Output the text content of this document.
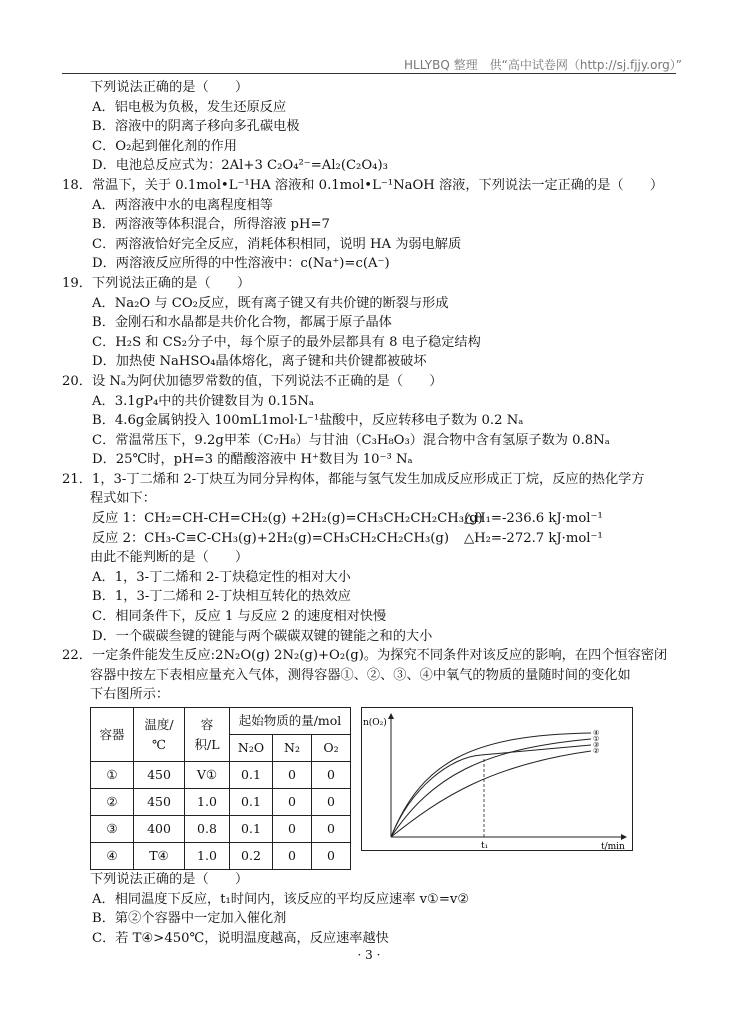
HLLYBQ 整理　供“高中试卷网（http://sj.fjjy.org）”
下列说法正确的是（　　）
A．铝电极为负极，发生还原反应
B．溶液中的阴离子移向多孔碳电极
C．O₂起到催化剂的作用
D．电池总反应式为：2Al+3 C₂O₄²⁻=Al₂(C₂O₄)₃
18．常温下，关于 0.1mol•L⁻¹HA 溶液和 0.1mol•L⁻¹NaOH 溶液，下列说法一定正确的是（　　）
A．两溶液中水的电离程度相等
B．两溶液等体积混合，所得溶液 pH=7
C．两溶液恰好完全反应，消耗体积相同，说明 HA 为弱电解质
D．两溶液反应所得的中性溶液中：c(Na⁺)=c(A⁻)
19．下列说法正确的是（　　）
A．Na₂O 与 CO₂反应，既有离子键又有共价键的断裂与形成
B．金刚石和水晶都是共价化合物，都属于原子晶体
C．H₂S 和 CS₂分子中，每个原子的最外层都具有 8 电子稳定结构
D．加热使 NaHSO₄晶体熔化，离子键和共价键都被破坏
20．设 Nₐ为阿伏加德罗常数的值，下列说法不正确的是（　　）
A．3.1gP₄中的共价键数目为 0.15Nₐ
B．4.6g金属钠投入 100mL1mol·L⁻¹盐酸中，反应转移电子数为 0.2 Nₐ
C．常温常压下，9.2g甲苯（C₇H₈）与甘油（C₃H₈O₃）混合物中含有氢原子数为 0.8Nₐ
D．25℃时，pH=3 的醋酸溶液中 H⁺数目为 10⁻³ Nₐ
21．1，3-丁二烯和 2-丁炔互为同分异构体，都能与氢气发生加成反应形成正丁烷，反应的热化学方
程式如下：
反应 1：CH₂=CH-CH=CH₂(g) +2H₂(g)=CH₃CH₂CH₂CH₃(g)
△H₁=-236.6 kJ·mol⁻¹
反应 2：CH₃-C≡C-CH₃(g)+2H₂(g)=CH₃CH₂CH₂CH₃(g) △H₂=-272.7 kJ·mol⁻¹
由此不能判断的是（　　）
A．1，3-丁二烯和 2-丁炔稳定性的相对大小
B．1，3-丁二烯和 2-丁炔相互转化的热效应
C．相同条件下，反应 1 与反应 2 的速度相对快慢
D．一个碳碳叁键的键能与两个碳碳双键的键能之和的大小
22．一定条件能发生反应:2N₂O(g) 2N₂(g)+O₂(g)。为探究不同条件对该反应的影响，在四个恒容密闭
容器中按左下表相应量充入气体，测得容器①、②、③、④中氧气的物质的量随时间的变化如
下右图所示：
容器	温度/℃	容积/L	起始物质的量/mol		
			N₂O	N₂	O₂
①	450	V①	0.1	0	0
②	450	1.0	0.1	0	0
③	400	0.8	0.1	0	0
④	T④	1.0	0.2	0	0
n(O₂)
t/min
t₁
④
①
③
②
下列说法正确的是（　　）
A．相同温度下反应，t₁时间内，该反应的平均反应速率 v①=v②
B．第②个容器中一定加入催化剂
C．若 T④>450℃，说明温度越高，反应速率越快
· 3 ·
